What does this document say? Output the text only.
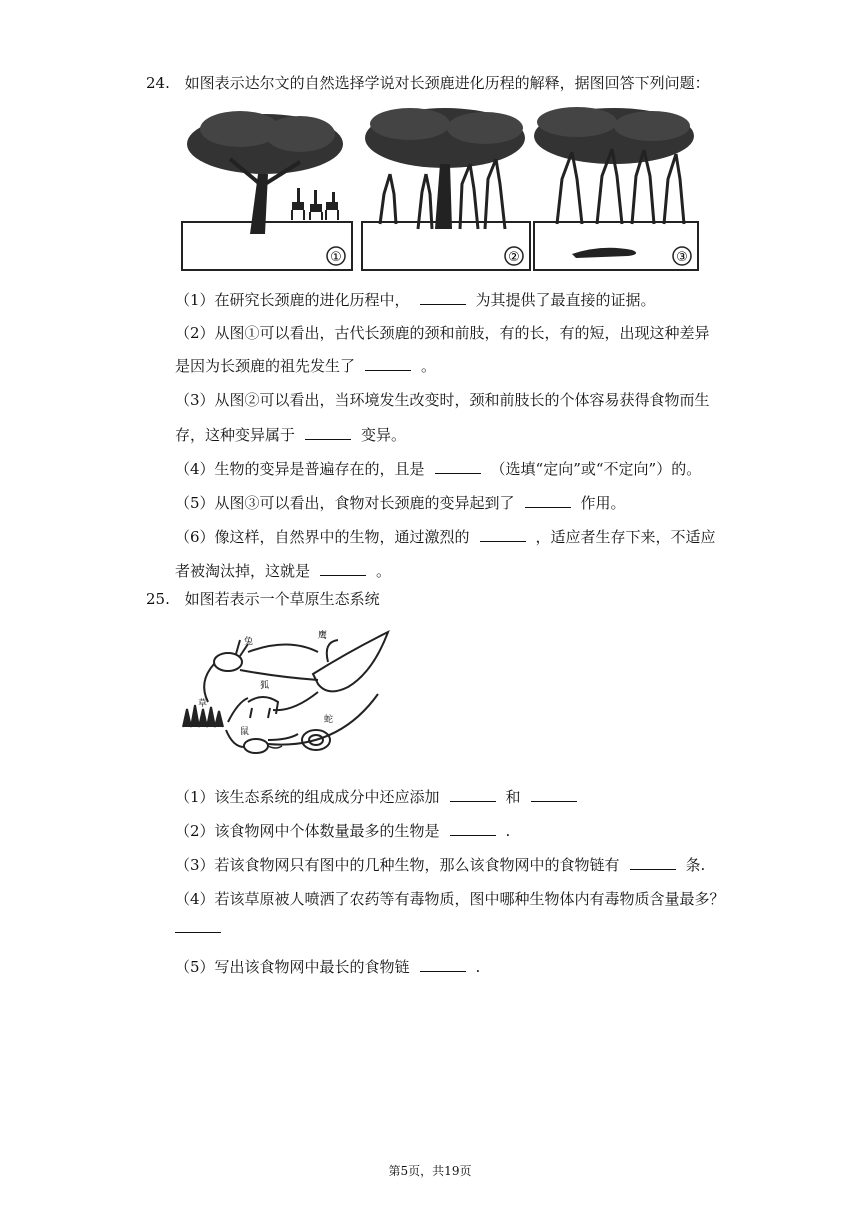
24. 如图表示达尔文的自然选择学说对长颈鹿进化历程的解释，据图回答下列问题：
①	②	③
（1）在研究长颈鹿的进化历程中，	为其提供了最直接的证据。
（2）从图①可以看出，古代长颈鹿的颈和前肢，有的长，有的短，出现这种差异
是因为长颈鹿的祖先发生了	。
（3）从图②可以看出，当环境发生改变时，颈和前肢长的个体容易获得食物而生
存，这种变异属于	变异。
（4）生物的变异是普遍存在的，且是	（选填“定向”或“不定向”）的。
（5）从图③可以看出，食物对长颈鹿的变异起到了	作用。
（6）像这样，自然界中的生物，通过激烈的	，适应者生存下来，不适应
者被淘汰掉，这就是	。
25. 如图若表示一个草原生态系统
兔
鹰
狐
草
鼠
蛇
（1）该生态系统的组成成分中还应添加	和
（2）该食物网中个体数量最多的生物是	.
（3）若该食物网只有图中的几种生物，那么该食物网中的食物链有	条.
（4）若该草原被人喷洒了农药等有毒物质，图中哪种生物体内有毒物质含量最多？
（5）写出该食物网中最长的食物链	.
第5页，共19页
